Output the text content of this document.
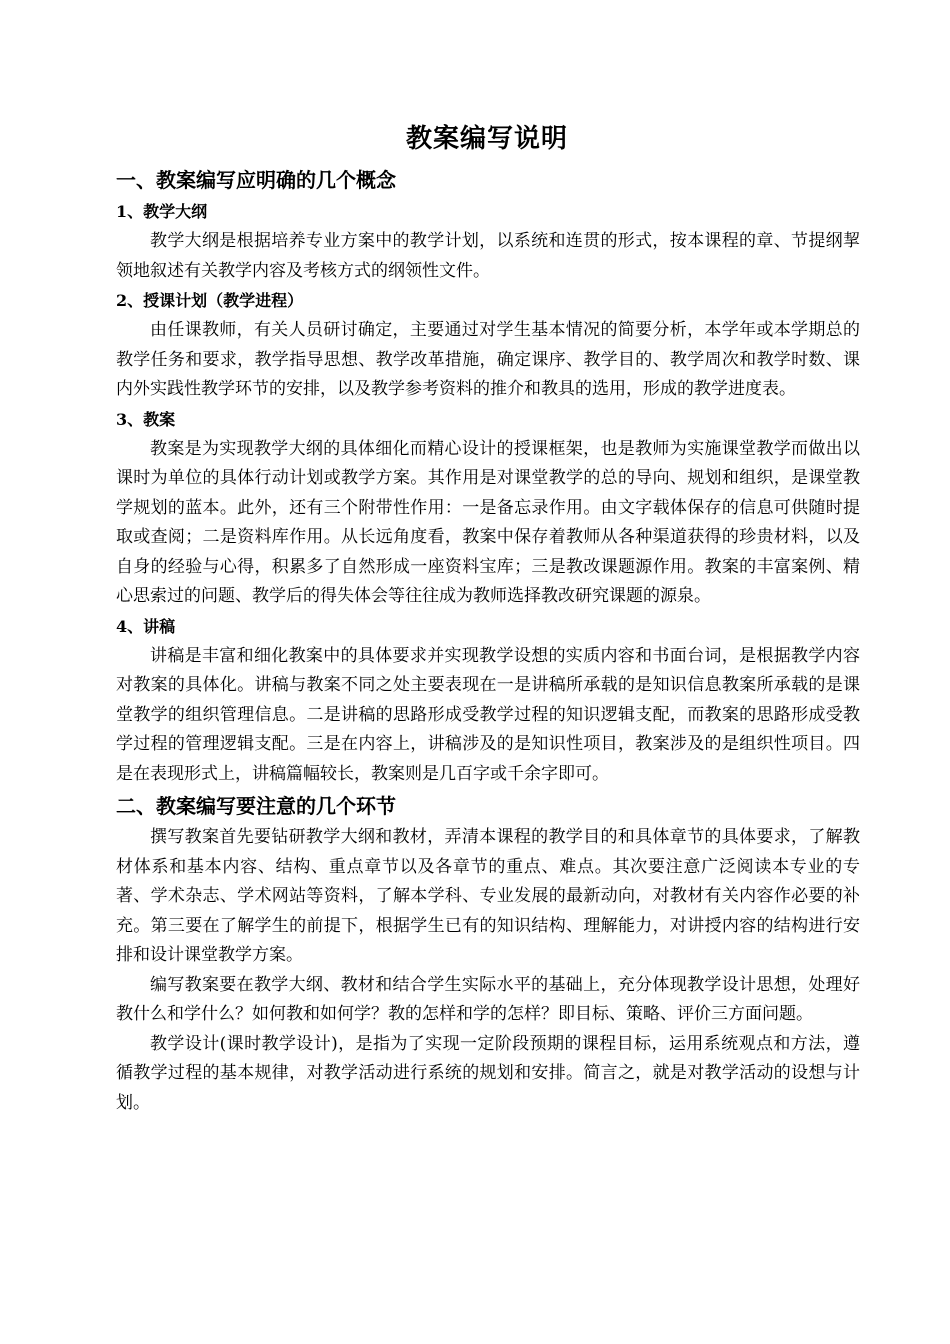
教案编写说明
一、教案编写应明确的几个概念
1、教学大纲

教学大纲是根据培养专业方案中的教学计划，以系统和连贯的形式，按本课程的章、节提纲挈领地叙述有关教学内容及考核方式的纲领性文件。

2、授课计划（教学进程）

由任课教师，有关人员研讨确定，主要通过对学生基本情况的简要分析，本学年或本学期总的教学任务和要求，教学指导思想、教学改革措施，确定课序、教学目的、教学周次和教学时数、课内外实践性教学环节的安排，以及教学参考资料的推介和教具的选用，形成的教学进度表。

3、教案

教案是为实现教学大纲的具体细化而精心设计的授课框架，也是教师为实施课堂教学而做出以课时为单位的具体行动计划或教学方案。其作用是对课堂教学的总的导向、规划和组织，是课堂教学规划的蓝本。此外，还有三个附带性作用：一是备忘录作用。由文字载体保存的信息可供随时提取或查阅；二是资料库作用。从长远角度看，教案中保存着教师从各种渠道获得的珍贵材料，以及自身的经验与心得，积累多了自然形成一座资料宝库；三是教改课题源作用。教案的丰富案例、精心思索过的问题、教学后的得失体会等往往成为教师选择教改研究课题的源泉。

4、讲稿

讲稿是丰富和细化教案中的具体要求并实现教学设想的实质内容和书面台词，是根据教学内容对教案的具体化。讲稿与教案不同之处主要表现在一是讲稿所承载的是知识信息教案所承载的是课堂教学的组织管理信息。二是讲稿的思路形成受教学过程的知识逻辑支配，而教案的思路形成受教学过程的管理逻辑支配。三是在内容上，讲稿涉及的是知识性项目，教案涉及的是组织性项目。四是在表现形式上，讲稿篇幅较长，教案则是几百字或千余字即可。

二、教案编写要注意的几个环节

撰写教案首先要钻研教学大纲和教材，弄清本课程的教学目的和具体章节的具体要求，了解教材体系和基本内容、结构、重点章节以及各章节的重点、难点。其次要注意广泛阅读本专业的专著、学术杂志、学术网站等资料，了解本学科、专业发展的最新动向，对教材有关内容作必要的补充。第三要在了解学生的前提下，根据学生已有的知识结构、理解能力，对讲授内容的结构进行安排和设计课堂教学方案。

编写教案要在教学大纲、教材和结合学生实际水平的基础上，充分体现教学设计思想，处理好教什么和学什么？如何教和如何学？教的怎样和学的怎样？即目标、策略、评价三方面问题。

教学设计(课时教学设计)，是指为了实现一定阶段预期的课程目标，运用系统观点和方法，遵循教学过程的基本规律，对教学活动进行系统的规划和安排。简言之，就是对教学活动的设想与计划。
